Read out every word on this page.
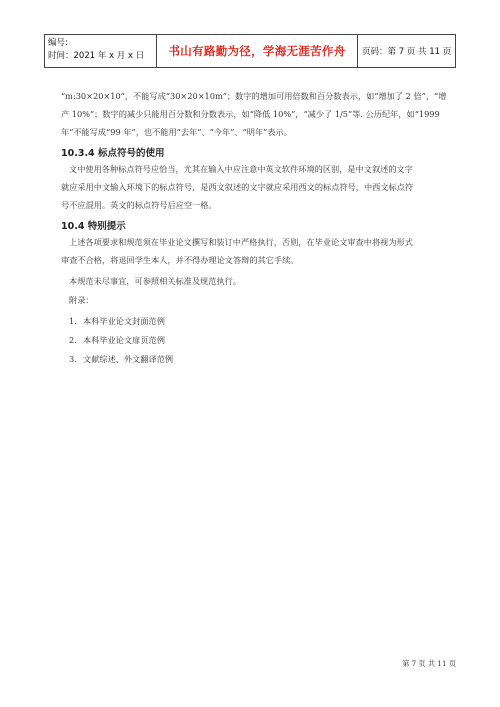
编号:
时间：2021 年 x 月 x 日	书山有路勤为径，学海无涯苦作舟	页码：第 7 页 共 11 页
“m:30×20×10”，不能写成“30×20×10m”；数字的增加可用倍数和百分数表示，如“增加了 2 倍”，“增
产 10%”；数字的减少只能用百分数和分数表示，如“降低 10%”，“减少了 1/5”等. 公历纪年，如“1999
年”不能写成“99 年”，也不能用“去年”、“今年”、“明年”表示。
10.3.4 标点符号的使用
文中使用各种标点符号应恰当，尤其在输入中应注意中英文软件环境的区别，是中文叙述的文字
就应采用中文输入环境下的标点符号，是西文叙述的文字就应采用西文的标点符号，中西文标点符
号不应混用。英文的标点符号后应空一格。
10.4 特别提示
上述各项要求和规范须在毕业论文撰写和装订中严格执行，否则，在毕业论文审查中将视为形式
审查不合格，将退回学生本人，并不得办理论文答辩的其它手续。
本规范未尽事宜，可参照相关标准及规范执行。
附录：
1. 本科毕业论文封面范例
2. 本科毕业论文扉页范例
3. 文献综述、外文翻译范例
第 7 页 共 11 页
